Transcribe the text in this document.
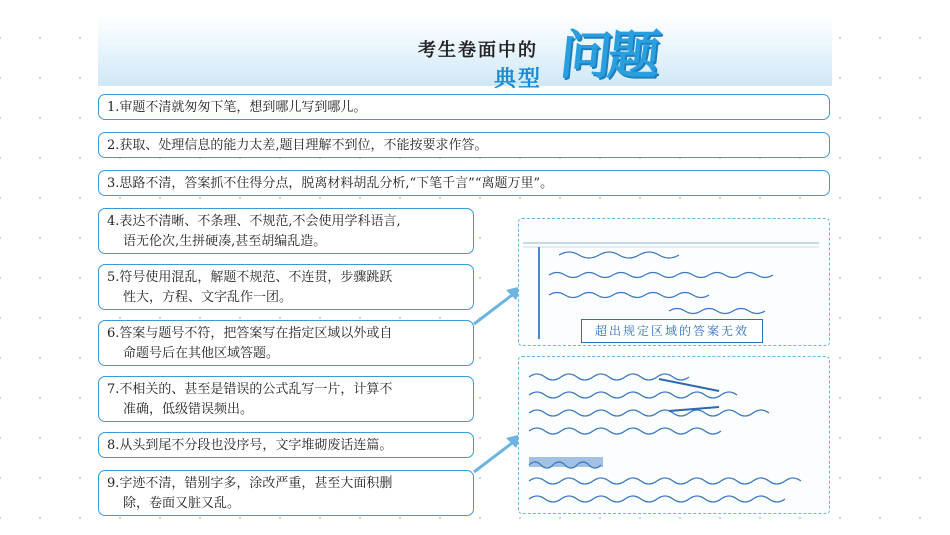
考生卷面中的
典型 问题
1.审题不清就匆匆下笔，想到哪儿写到哪儿。
2.获取、处理信息的能力太差,题目理解不到位，不能按要求作答。
3.思路不清，答案抓不住得分点，脱离材料胡乱分析,“下笔千言”“离题万里”。
4.表达不清晰、不条理、不规范,不会使用学科语言,
语无伦次,生拼硬凑,甚至胡编乱造。
5.符号使用混乱，解题不规范、不连贯，步骤跳跃
性大，方程、文字乱作一团。
6.答案与题号不符，把答案写在指定区域以外或自
命题号后在其他区域答题。
7.不相关的、甚至是错误的公式乱写一片，计算不
准确，低级错误频出。
8.从头到尾不分段也没序号，文字堆砌废话连篇。
9.字迹不清，错别字多，涂改严重，甚至大面积删
除，卷面又脏又乱。
超出规定区域的答案无效
